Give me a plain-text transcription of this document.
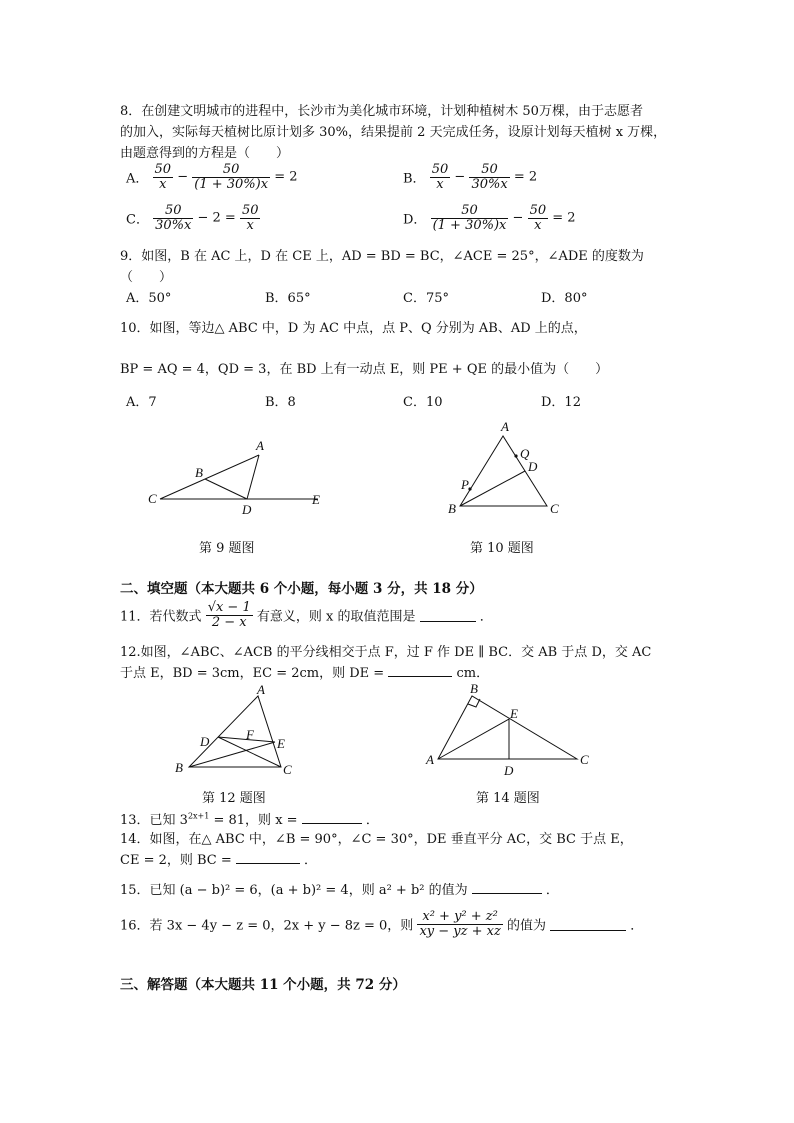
8．在创建文明城市的进程中，长沙市为美化城市环境，计划种植树木 50万棵，由于志愿者
的加入，实际每天植树比原计划多 30%，结果提前 2 天完成任务，设原计划每天植树 x 万棵，
由题意得到的方程是（　　）
A． $\frac{50}{x} - \frac{50}{(1 + 30\%)x} = 2$	B． $\frac{50}{x} - \frac{50}{30\%x} = 2$
C． $\frac{50}{30\%x} - 2 = \frac{50}{x}$	D． $\frac{50}{(1 + 30\%)x} - \frac{50}{x} = 2$
9．如图，B 在 AC 上，D 在 CE 上，AD = BD = BC，∠ACE = 25°，∠ADE 的度数为
（　　）
A．50°	B．65°	C．75°	D．80°
10．如图，等边△ ABC 中，D 为 AC 中点，点 P、Q 分别为 AB、AD 上的点，
BP = AQ = 4，QD = 3，在 BD 上有一动点 E，则 PE + QE 的最小值为（　　）
A．7	B．8	C．10	D．12
A
B
C
D
E
第 9 题图
A
Q
D
P
B	C
第 10 题图
二、填空题（本大题共 6 个小题，每小题 3 分，共 18 分）
11．若代数式 $\frac{√x - 1}{2 - x}$ 有意义，则 x 的取值范围是	．
12.如图，∠ABC、∠ACB 的平分线相交于点 F，过 F 作 DE ∥ BC．交 AB 于点 D，交 AC
于点 E，BD = 3cm，EC = 2cm，则 DE =	cm．
A
D	F
E
B	C
第 12 题图
B
E
A
D
C
第 14 题图
13．已知 $3^{2x+1} = 81$，则 x =	．
14．如图，在△ ABC 中，∠B = 90°，∠C = 30°，DE 垂直平分 AC，交 BC 于点 E，
CE = 2，则 BC =	．
15．已知 (a − b)² = 6，(a + b)² = 4，则 a² + b² 的值为	．
16．若 3x − 4y − z = 0，2x + y − 8z = 0，则 $\frac{\text{x² + y² + z²}}{xy - yz + xz}$ 的值为	．
三、解答题（本大题共 11 个小题，共 72 分）
